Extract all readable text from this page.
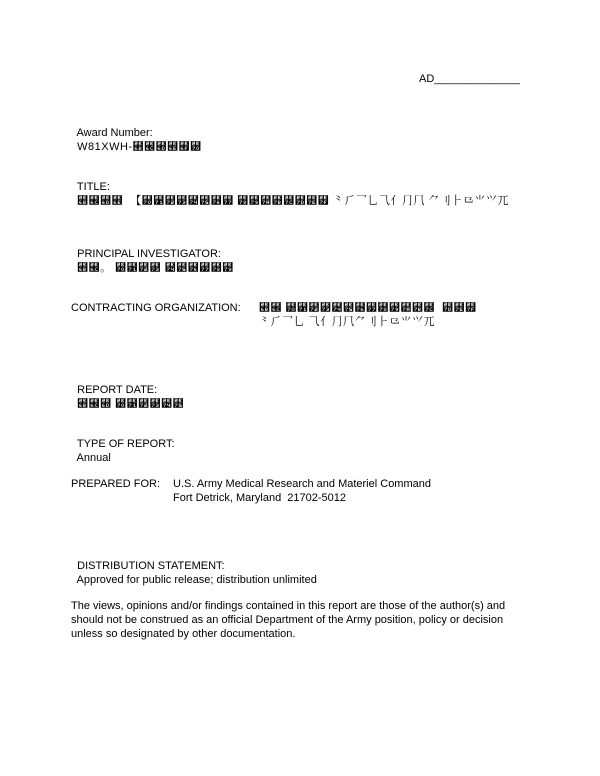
AD______________

Award Number:
W81XWH-⹫⹬⹭⹮⹯⹰

TITLE:
⹫⹬⹭⹮  【⹰⹱⹲⹳⹴⹵⹶⹷ ⹸⹹⹺⹻⹼⹽⹾⹿ ⺀⺁⺂⺃⺄⺅⺆⺇ ⺈⺉⺊⺋⺌⺍⺎

PRINCIPAL INVESTIGATOR:
⹫⹬。 ⹰⹱⹲⹳ ⹴⹵⹶⹷⹸⹹

CONTRACTING ORGANIZATION: ⹫⹬ ⹰⹱⹲⹳⹴⹵⹶⹷⹸⹹⹺⹻⹼  ⹽⹾⹿
⺀⺁⺂⺃ ⺄⺅⺆⺇⺈⺉⺊⺋⺌⺍⺎

REPORT DATE:
⹫⹬⹭ ⹰⹱⹲⹳⹴⹵

TYPE OF REPORT:
Annual

PREPARED FOR: U.S. Army Medical Research and Materiel Command
Fort Detrick, Maryland  21702-5012

DISTRIBUTION STATEMENT:
Approved for public release; distribution unlimited

The views, opinions and/or findings contained in this report are those of the author(s) and
should not be construed as an official Department of the Army position, policy or decision
unless so designated by other documentation.
